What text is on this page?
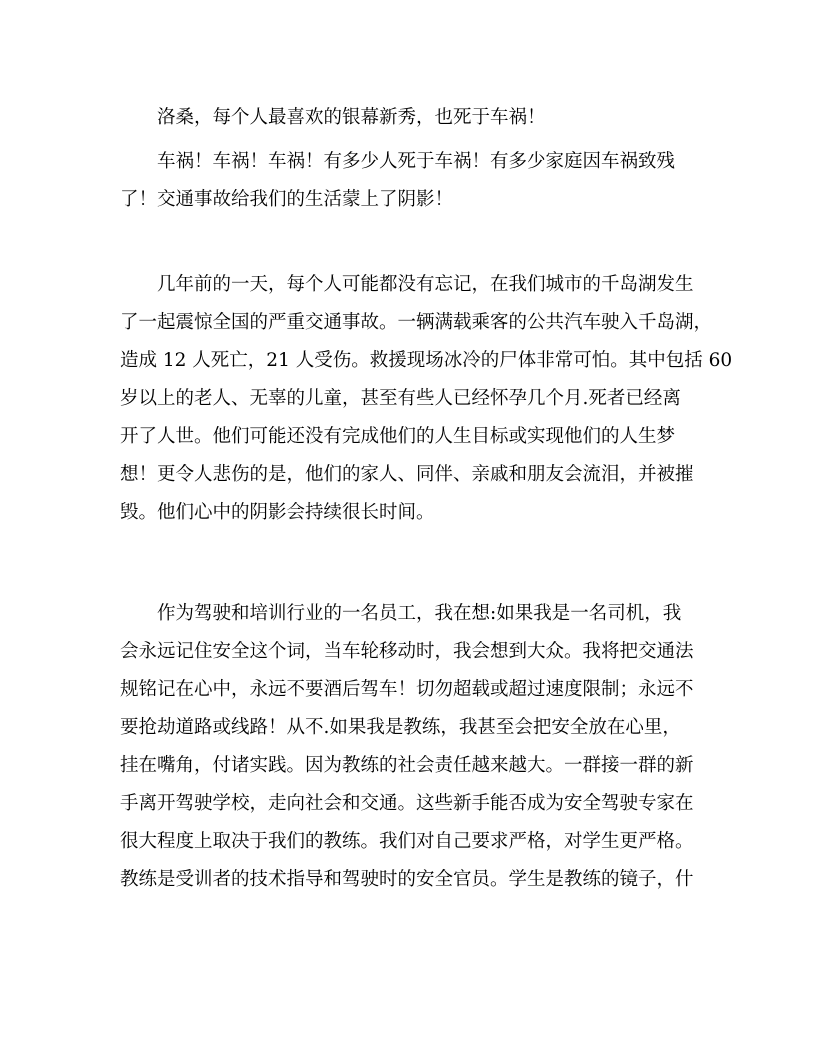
洛桑，每个人最喜欢的银幕新秀，也死于车祸！
车祸！车祸！车祸！有多少人死于车祸！有多少家庭因车祸致残
了！交通事故给我们的生活蒙上了阴影！
几年前的一天，每个人可能都没有忘记，在我们城市的千岛湖发生
了一起震惊全国的严重交通事故。一辆满载乘客的公共汽车驶入千岛湖，
造成 12 人死亡，21 人受伤。救援现场冰冷的尸体非常可怕。其中包括 60
岁以上的老人、无辜的儿童，甚至有些人已经怀孕几个月.死者已经离
开了人世。他们可能还没有完成他们的人生目标或实现他们的人生梦
想！更令人悲伤的是，他们的家人、同伴、亲戚和朋友会流泪，并被摧
毁。他们心中的阴影会持续很长时间。
作为驾驶和培训行业的一名员工，我在想:如果我是一名司机，我
会永远记住安全这个词，当车轮移动时，我会想到大众。我将把交通法
规铭记在心中，永远不要酒后驾车！切勿超载或超过速度限制；永远不
要抢劫道路或线路！从不.如果我是教练，我甚至会把安全放在心里，
挂在嘴角，付诸实践。因为教练的社会责任越来越大。一群接一群的新
手离开驾驶学校，走向社会和交通。这些新手能否成为安全驾驶专家在
很大程度上取决于我们的教练。我们对自己要求严格，对学生更严格。
教练是受训者的技术指导和驾驶时的安全官员。学生是教练的镜子，什
